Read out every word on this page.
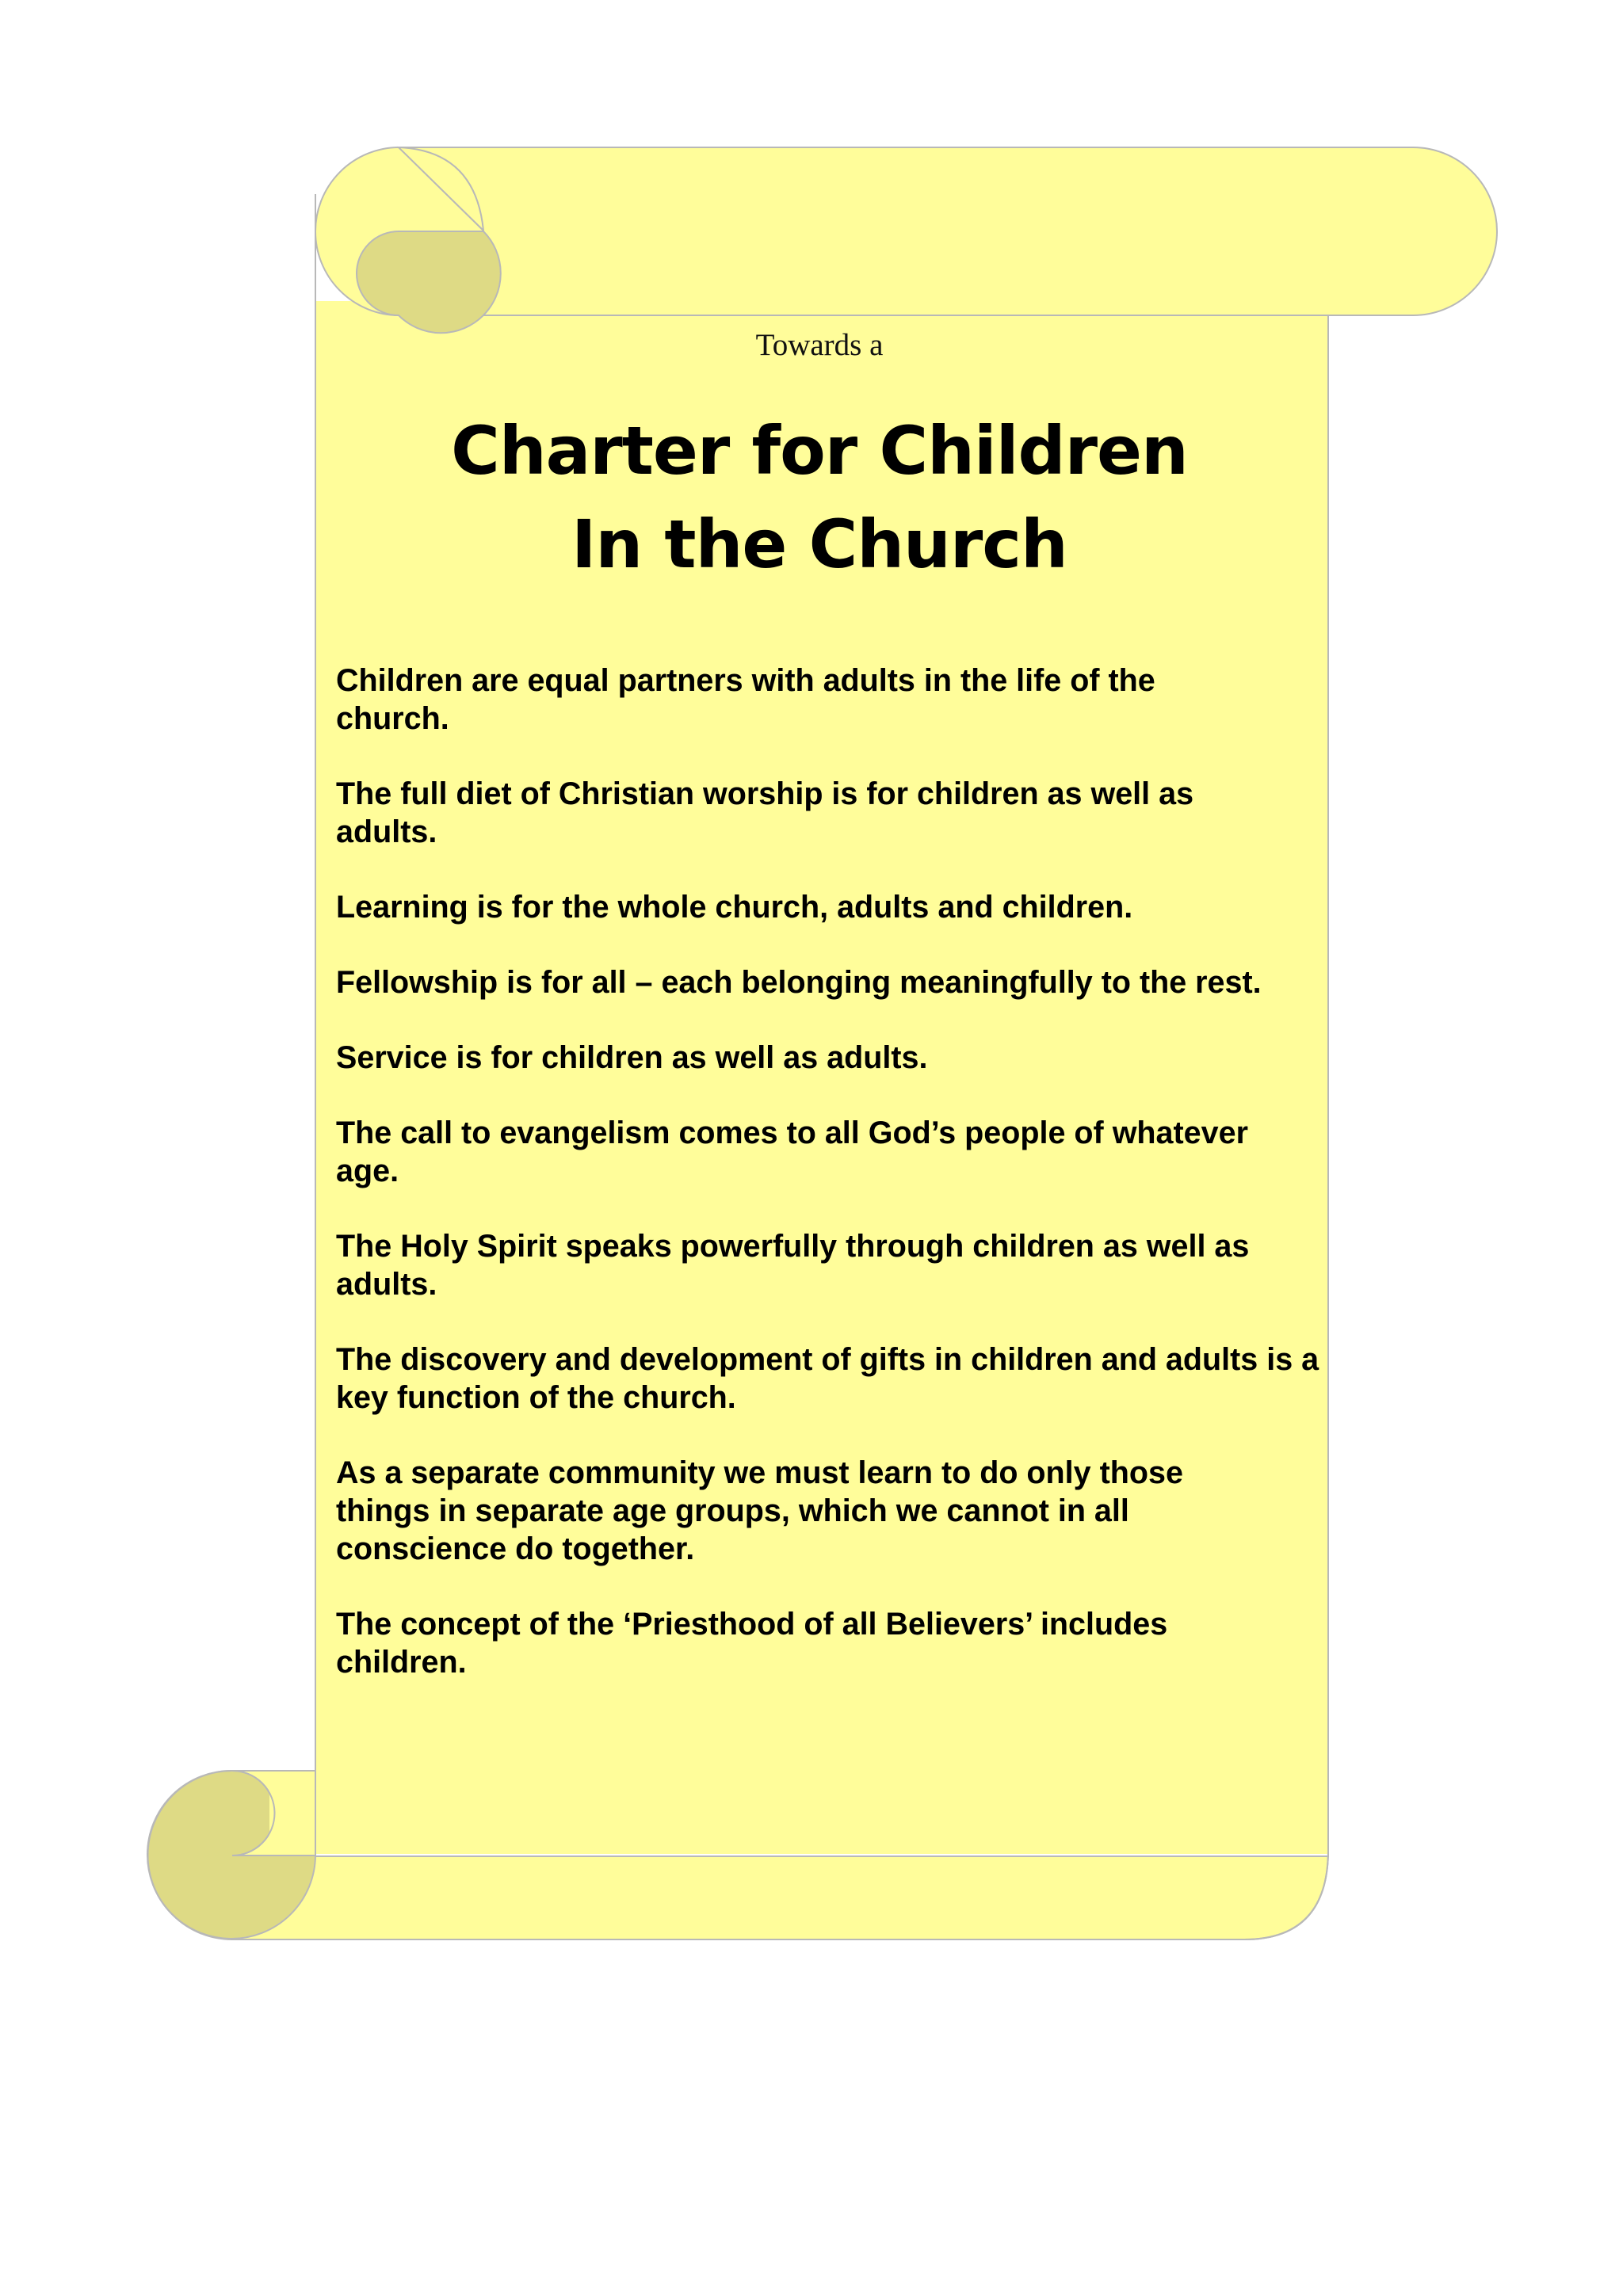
Towards a
Charter for Children
In the Church
Children are equal partners with adults in the life of the church.
The full diet of Christian worship is for children as well as adults.
Learning is for the whole church, adults and children.
Fellowship is for all – each belonging meaningfully to the rest.
Service is for children as well as adults.
The call to evangelism comes to all God’s people of whatever age.
The Holy Spirit speaks powerfully through children as well as adults.
The discovery and development of gifts in children and adults is a key function of the church.
As a separate community we must learn to do only those things in separate age groups, which we cannot in all conscience do together.
The concept of the ‘Priesthood of all Believers’ includes children.
